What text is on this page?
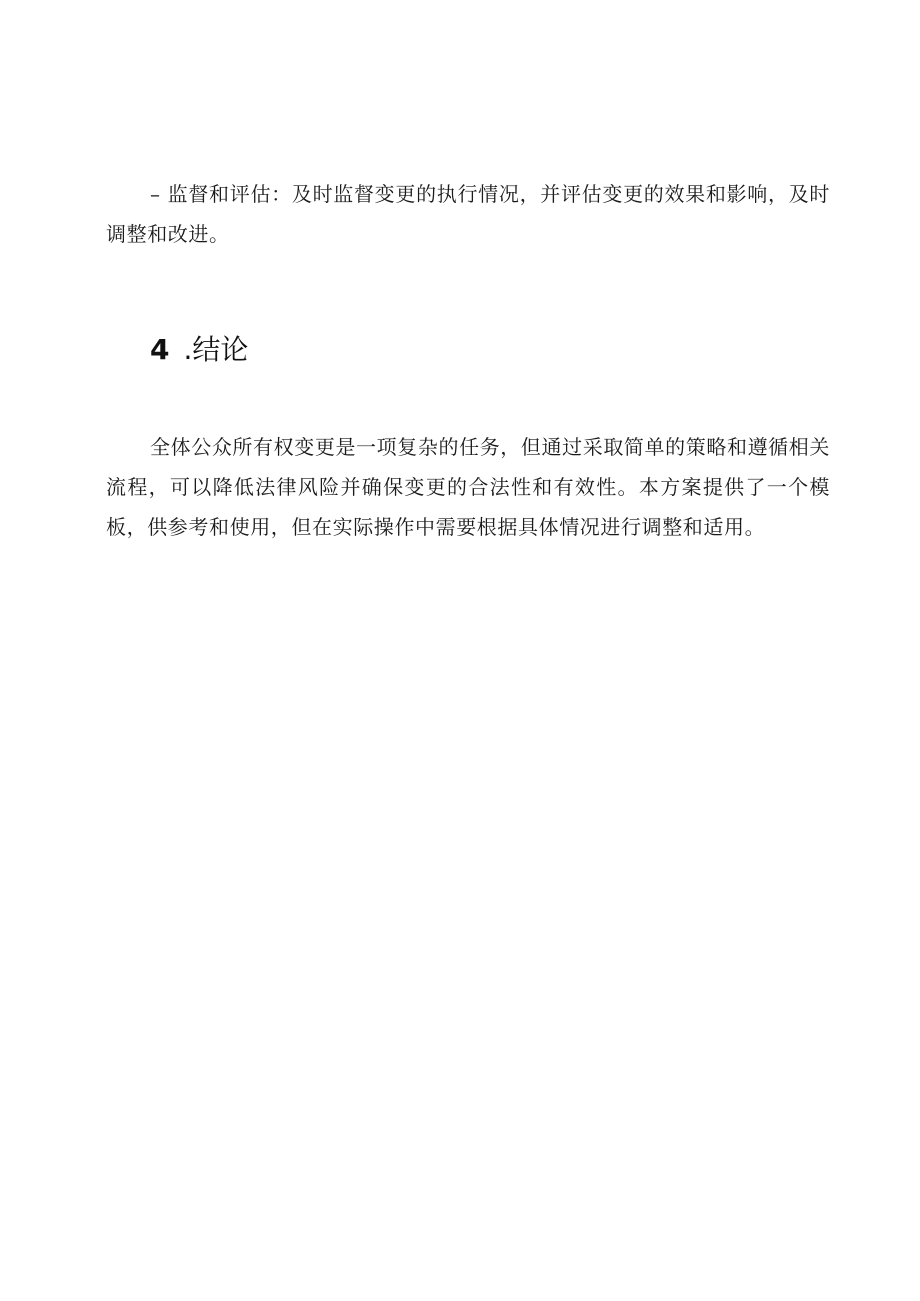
– 监督和评估：及时监督变更的执行情况，并评估变更的效果和影响，及时调整和改进。

4 .结论

全体公众所有权变更是一项复杂的任务，但通过采取简单的策略和遵循相关流程，可以降低法律风险并确保变更的合法性和有效性。本方案提供了一个模板，供参考和使用，但在实际操作中需要根据具体情况进行调整和适用。
